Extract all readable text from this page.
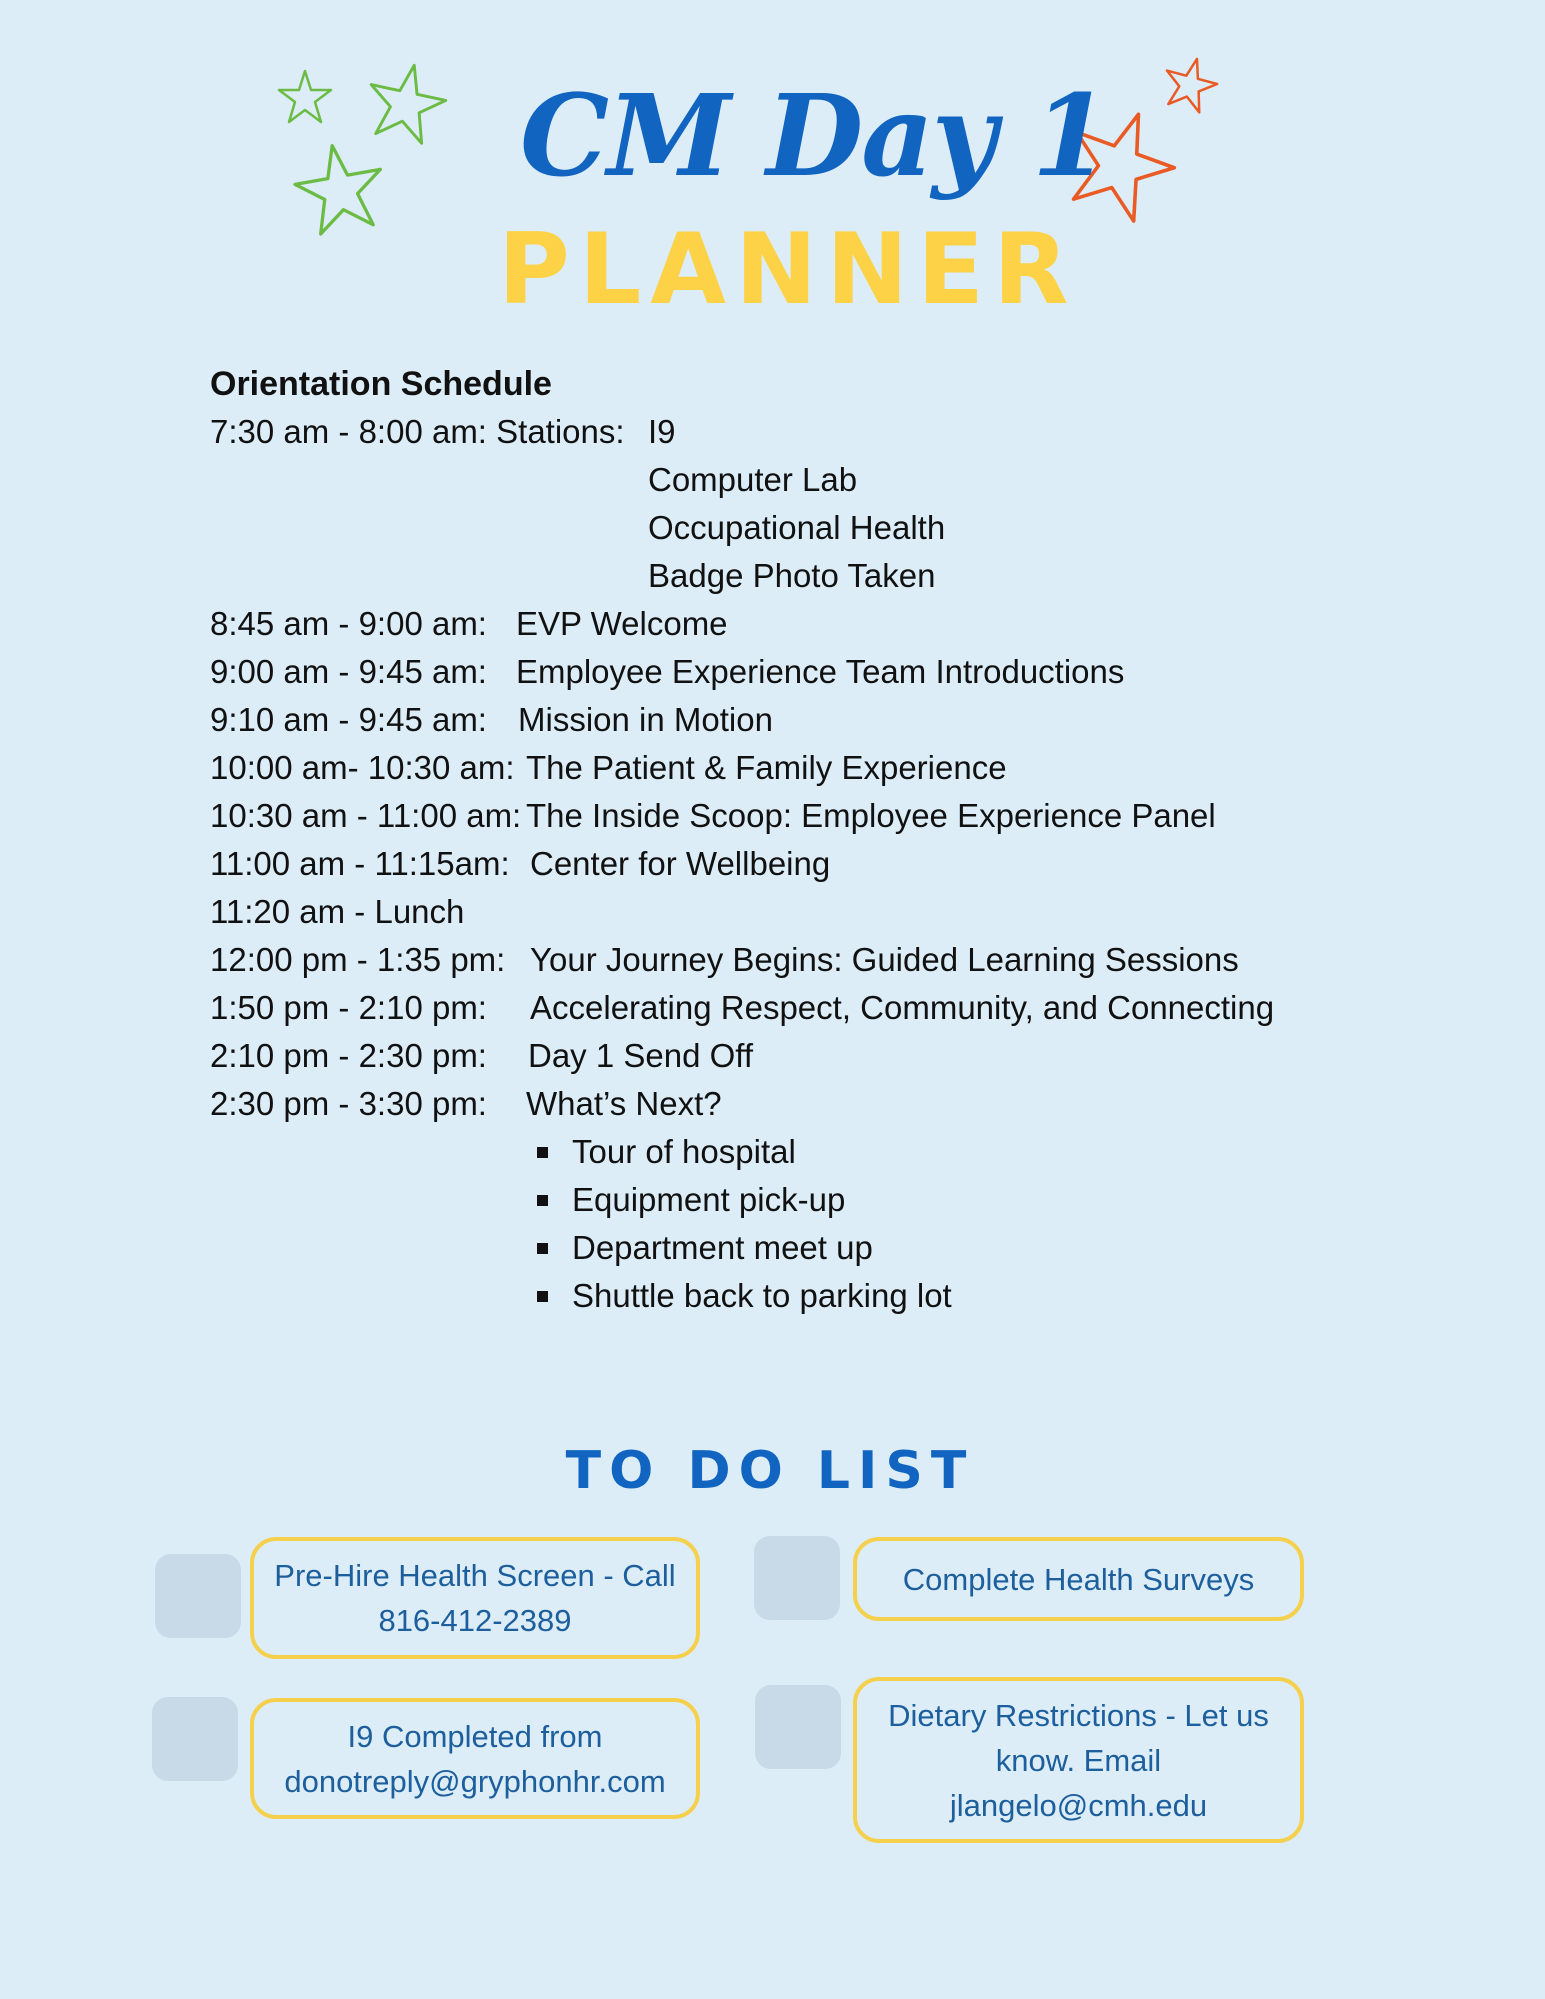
CM Day 1
PLANNER
Orientation Schedule
7:30 am - 8:00 am: Stations: I9
Computer Lab
Occupational Health
Badge Photo Taken
8:45 am - 9:00 am: EVP Welcome
9:00 am - 9:45 am: Employee Experience Team Introductions
9:10 am - 9:45 am: Mission in Motion
10:00 am- 10:30 am: The Patient & Family Experience
10:30 am - 11:00 am: The Inside Scoop: Employee Experience Panel
11:00 am - 11:15am: Center for Wellbeing
11:20 am - Lunch
12:00 pm - 1:35 pm: Your Journey Begins: Guided Learning Sessions
1:50 pm - 2:10 pm: Accelerating Respect, Community, and Connecting
2:10 pm - 2:30 pm: Day 1 Send Off
2:30 pm - 3:30 pm: What’s Next?
Tour of hospital
Equipment pick-up
Department meet up
Shuttle back to parking lot
TO DO LIST
Pre-Hire Health Screen - Call
816-412-2389
Complete Health Surveys
I9 Completed from
donotreply@gryphonhr.com
Dietary Restrictions - Let us
know. Email
jlangelo@cmh.edu
